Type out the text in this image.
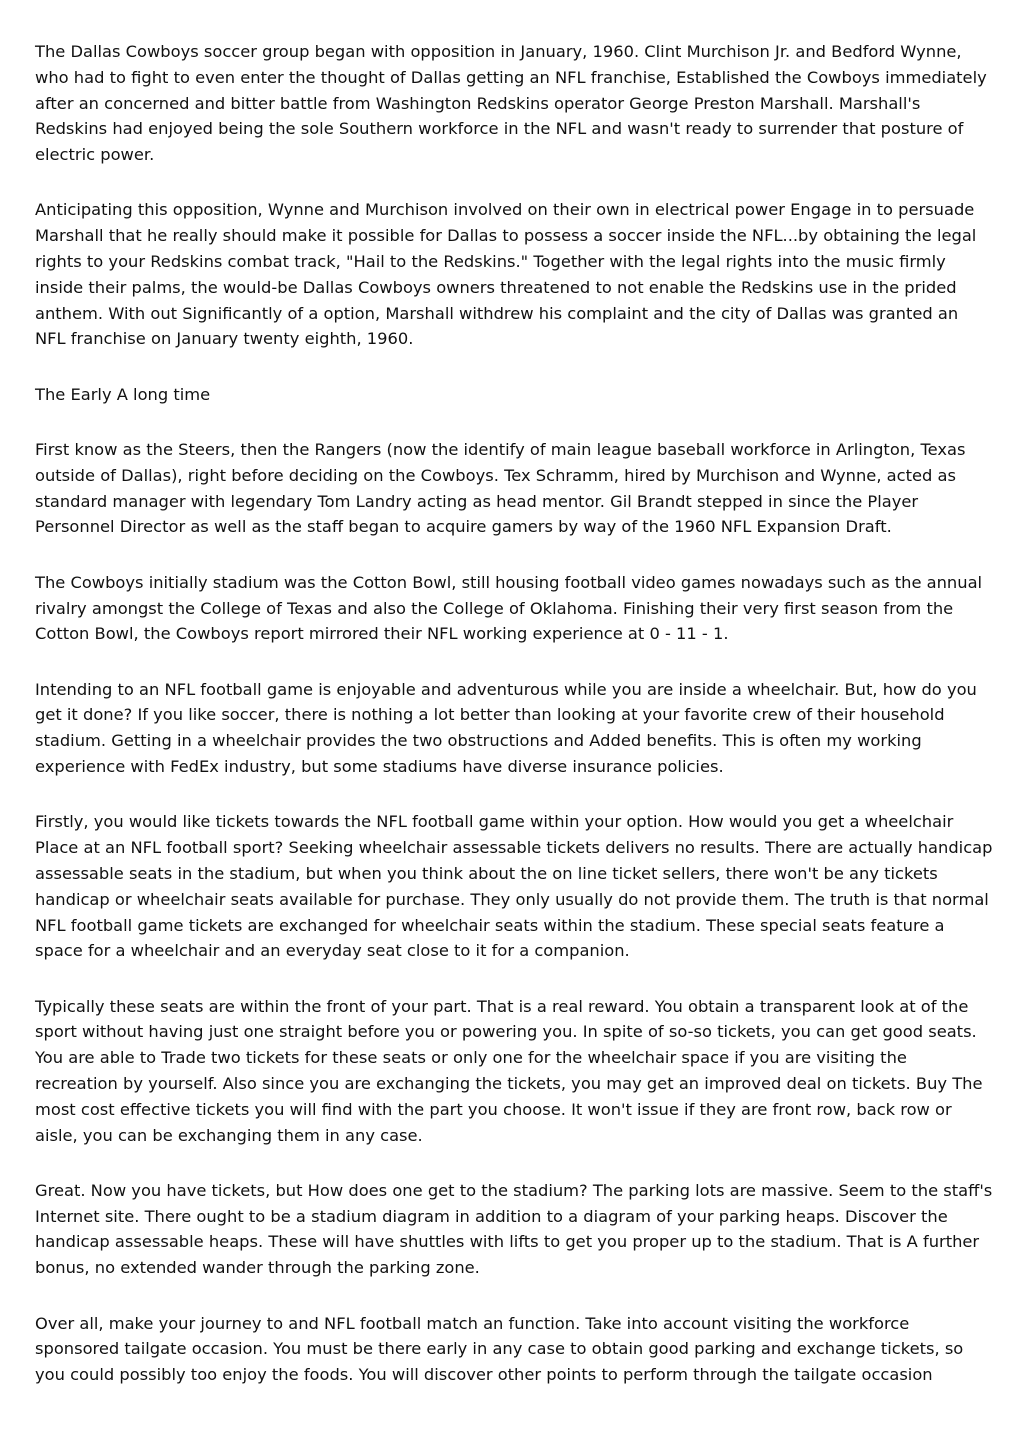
The Dallas Cowboys soccer group began with opposition in January, 1960. Clint Murchison Jr. and Bedford Wynne, who had to fight to even enter the thought of Dallas getting an NFL franchise, Established the Cowboys immediately after an concerned and bitter battle from Washington Redskins operator George Preston Marshall. Marshall's Redskins had enjoyed being the sole Southern workforce in the NFL and wasn't ready to surrender that posture of electric power.

Anticipating this opposition, Wynne and Murchison involved on their own in electrical power Engage in to persuade Marshall that he really should make it possible for Dallas to possess a soccer inside the NFL...by obtaining the legal rights to your Redskins combat track, "Hail to the Redskins." Together with the legal rights into the music firmly inside their palms, the would-be Dallas Cowboys owners threatened to not enable the Redskins use in the prided anthem. With out Significantly of a option, Marshall withdrew his complaint and the city of Dallas was granted an NFL franchise on January twenty eighth, 1960.

The Early A long time

First know as the Steers, then the Rangers (now the identify of main league baseball workforce in Arlington, Texas outside of Dallas), right before deciding on the Cowboys. Tex Schramm, hired by Murchison and Wynne, acted as standard manager with legendary Tom Landry acting as head mentor. Gil Brandt stepped in since the Player Personnel Director as well as the staff began to acquire gamers by way of the 1960 NFL Expansion Draft.

The Cowboys initially stadium was the Cotton Bowl, still housing football video games nowadays such as the annual rivalry amongst the College of Texas and also the College of Oklahoma. Finishing their very first season from the Cotton Bowl, the Cowboys report mirrored their NFL working experience at 0 - 11 - 1.

Intending to an NFL football game is enjoyable and adventurous while you are inside a wheelchair. But, how do you get it done? If you like soccer, there is nothing a lot better than looking at your favorite crew of their household stadium. Getting in a wheelchair provides the two obstructions and Added benefits. This is often my working experience with FedEx industry, but some stadiums have diverse insurance policies.

Firstly, you would like tickets towards the NFL football game within your option. How would you get a wheelchair Place at an NFL football sport? Seeking wheelchair assessable tickets delivers no results. There are actually handicap assessable seats in the stadium, but when you think about the on line ticket sellers, there won't be any tickets handicap or wheelchair seats available for purchase. They only usually do not provide them. The truth is that normal NFL football game tickets are exchanged for wheelchair seats within the stadium. These special seats feature a space for a wheelchair and an everyday seat close to it for a companion.

Typically these seats are within the front of your part. That is a real reward. You obtain a transparent look at of the sport without having just one straight before you or powering you. In spite of so-so tickets, you can get good seats. You are able to Trade two tickets for these seats or only one for the wheelchair space if you are visiting the recreation by yourself. Also since you are exchanging the tickets, you may get an improved deal on tickets. Buy The most cost effective tickets you will find with the part you choose. It won't issue if they are front row, back row or aisle, you can be exchanging them in any case.

Great. Now you have tickets, but How does one get to the stadium? The parking lots are massive. Seem to the staff's Internet site. There ought to be a stadium diagram in addition to a diagram of your parking heaps. Discover the handicap assessable heaps. These will have shuttles with lifts to get you proper up to the stadium. That is A further bonus, no extended wander through the parking zone.

Over all, make your journey to and NFL football match an function. Take into account visiting the workforce sponsored tailgate occasion. You must be there early in any case to obtain good parking and exchange tickets, so you could possibly too enjoy the foods. You will discover other points to perform through the tailgate occasion
